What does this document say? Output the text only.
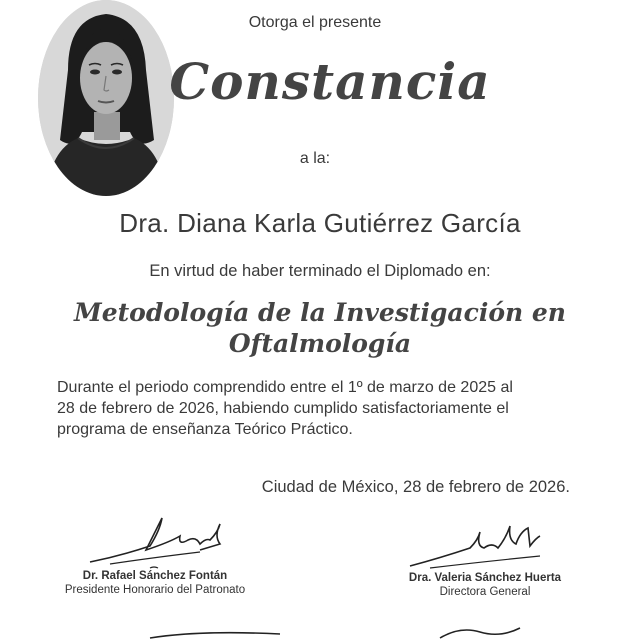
Otorga el presente
Constancia
a la:
Dra. Diana Karla Gutiérrez García
En virtud de haber terminado el Diplomado en:
Metodología de la Investigación en
Oftalmología
Durante el periodo comprendido entre el 1º de marzo de 2025 al
28 de febrero de 2026, habiendo cumplido satisfactoriamente el
programa de enseñanza Teórico Práctico.
Ciudad de México, 28 de febrero de 2026.
Dr. Rafael Sánchez Fontán
Presidente Honorario del Patronato
Dra. Valeria Sánchez Huerta
Directora General
